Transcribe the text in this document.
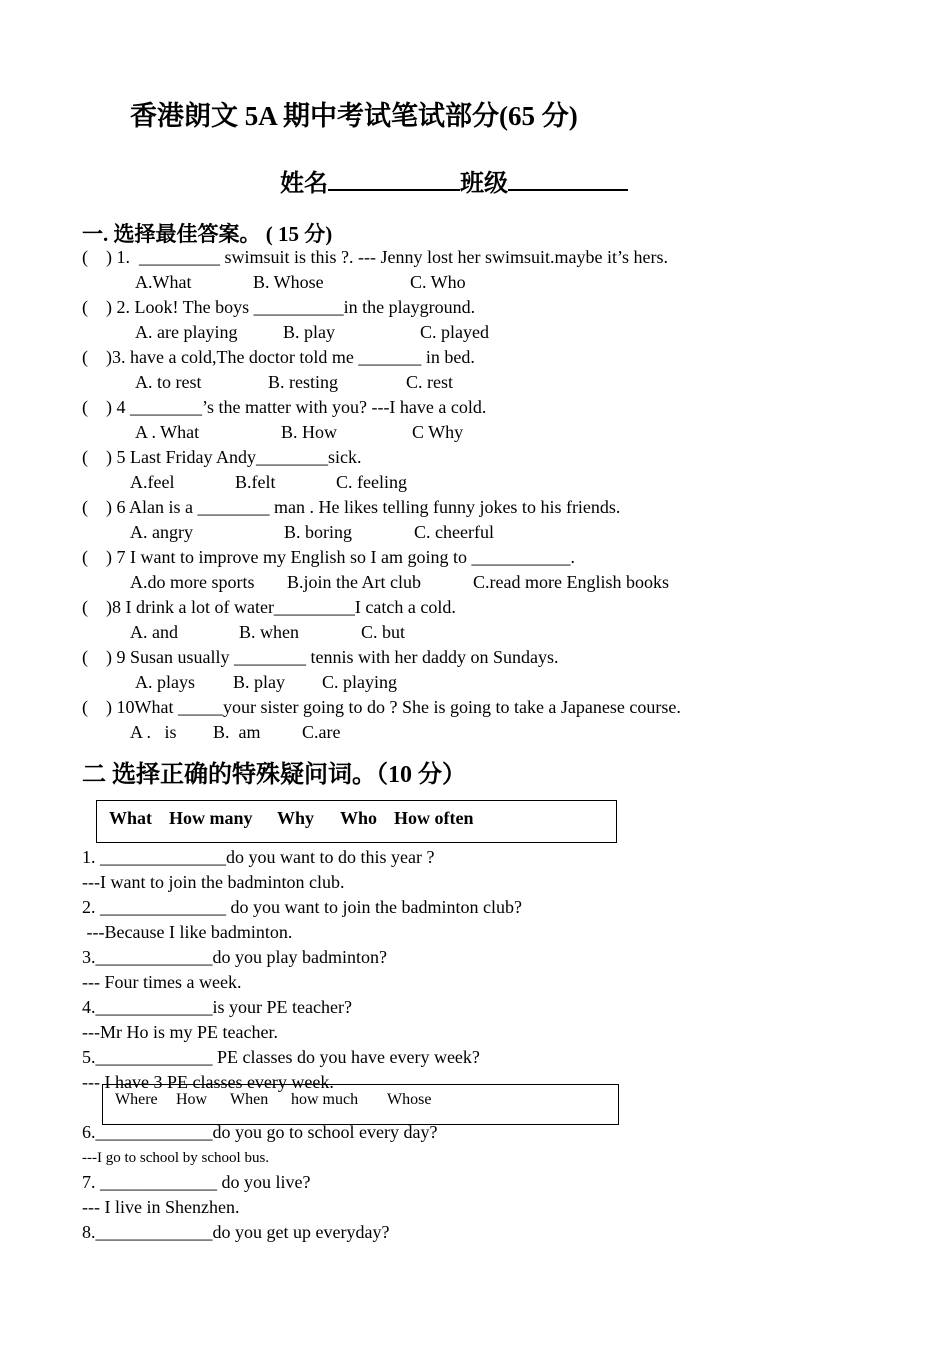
香港朗文 5A 期中考试笔试部分(65 分)
姓名	班级
一. 选择最佳答案。 ( 15 分)
(    ) 1.  _________ swimsuit is this ?. --- Jenny lost her swimsuit.maybe it’s hers.
A.What	B. Whose	C. Who
(    ) 2. Look! The boys __________in the playground.
A. are playing	B. play	C. played
(    )3. have a cold,The doctor told me _______ in bed.
A. to rest	B. resting	C. rest
(    ) 4 ________’s the matter with you? ---I have a cold.
A . What	B. How	C Why
(    ) 5 Last Friday Andy________sick.
A.feel	B.felt	C. feeling
(    ) 6 Alan is a ________ man . He likes telling funny jokes to his friends.
A. angry	B. boring	C. cheerful
(    ) 7 I want to improve my English so I am going to ___________.
A.do more sports B.join the Art club	C.read more English books
(    )8 I drink a lot of water_________I catch a cold.
A. and	B. when	C. but
(    ) 9 Susan usually ________ tennis with her daddy on Sundays.
A. plays B. play C. playing
(    ) 10What _____your sister going to do ? She is going to take a Japanese course.
A .   is B.  am C.are
二 选择正确的特殊疑问词。（10 分）
What How many Why Who How often
1. ______________do you want to do this year ?
---I want to join the badminton club.
2. ______________ do you want to join the badminton club?
---Because I like badminton.
3._____________do you play badminton?
--- Four times a week.
4._____________is your PE teacher?
---Mr Ho is my PE teacher.
5._____________ PE classes do you have every week?
--- I have 3 PE classes every week.
Where How When how much Whose
6._____________do you go to school every day?
---I go to school by school bus.
7. _____________ do you live?
--- I live in Shenzhen.
8._____________do you get up everyday?
